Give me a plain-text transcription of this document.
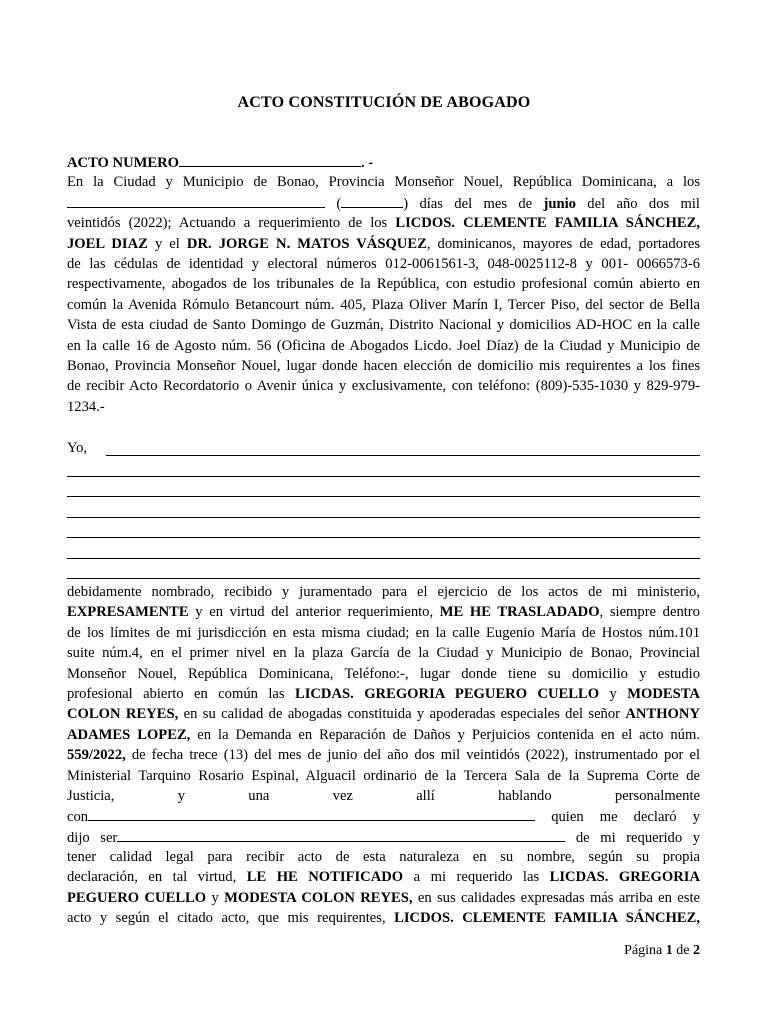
ACTO CONSTITUCIÓN DE ABOGADO
ACTO NUMERO	. -
En la Ciudad y Municipio de Bonao, Provincia Monseñor Nouel, República Dominicana, a los
(	) días del mes de junio del año dos mil
veintidós (2022); Actuando a requerimiento de los LICDOS. CLEMENTE FAMILIA SÁNCHEZ,
JOEL DIAZ y el DR. JORGE N. MATOS VÁSQUEZ, dominicanos, mayores de edad, portadores
de las cédulas de identidad y electoral números 012-0061561-3, 048-0025112-8 y 001- 0066573-6
respectivamente, abogados de los tribunales de la República, con estudio profesional común abierto en
común la Avenida Rómulo Betancourt núm. 405, Plaza Oliver Marín I, Tercer Piso, del sector de Bella
Vista de esta ciudad de Santo Domingo de Guzmán, Distrito Nacional y domicilios AD-HOC en la calle
en la calle 16 de Agosto núm. 56 (Oficina de Abogados Licdo. Joel Díaz) de la Ciudad y Municipio de
Bonao, Provincia Monseñor Nouel, lugar donde hacen elección de domicilio mis requirentes a los fines
de recibir Acto Recordatorio o Avenir única y exclusivamente, con teléfono: (809)-535-1030 y 829-979-
1234.-
Yo,
debidamente nombrado, recibido y juramentado para el ejercicio de los actos de mi ministerio,
EXPRESAMENTE y en virtud del anterior requerimiento, ME HE TRASLADADO, siempre dentro
de los límites de mi jurisdicción en esta misma ciudad; en la calle Eugenio María de Hostos núm.101
suite núm.4, en el primer nivel en la plaza García de la Ciudad y Municipio de Bonao, Provincial
Monseñor Nouel, República Dominicana, Teléfono:-, lugar donde tiene su domicilio y estudio
profesional abierto en común las LICDAS. GREGORIA PEGUERO CUELLO y MODESTA
COLON REYES, en su calidad de abogadas constituida y apoderadas especiales del señor ANTHONY
ADAMES LOPEZ, en la Demanda en Reparación de Daños y Perjuicios contenida en el acto núm.
559/2022, de fecha trece (13) del mes de junio del año dos mil veintidós (2022), instrumentado por el
Ministerial Tarquino Rosario Espinal, Alguacil ordinario de la Tercera Sala de la Suprema Corte de
Justicia, y una vez allí hablando personalmente
con	quien me declaró y
dijo ser	de mi requerido y
tener calidad legal para recibir acto de esta naturaleza en su nombre, según su propia
declaración, en tal virtud, LE HE NOTIFICADO a mi requerido las LICDAS. GREGORIA
PEGUERO CUELLO y MODESTA COLON REYES, en sus calidades expresadas más arriba en este
acto y según el citado acto, que mis requirentes, LICDOS. CLEMENTE FAMILIA SÁNCHEZ,
Página 1 de 2
